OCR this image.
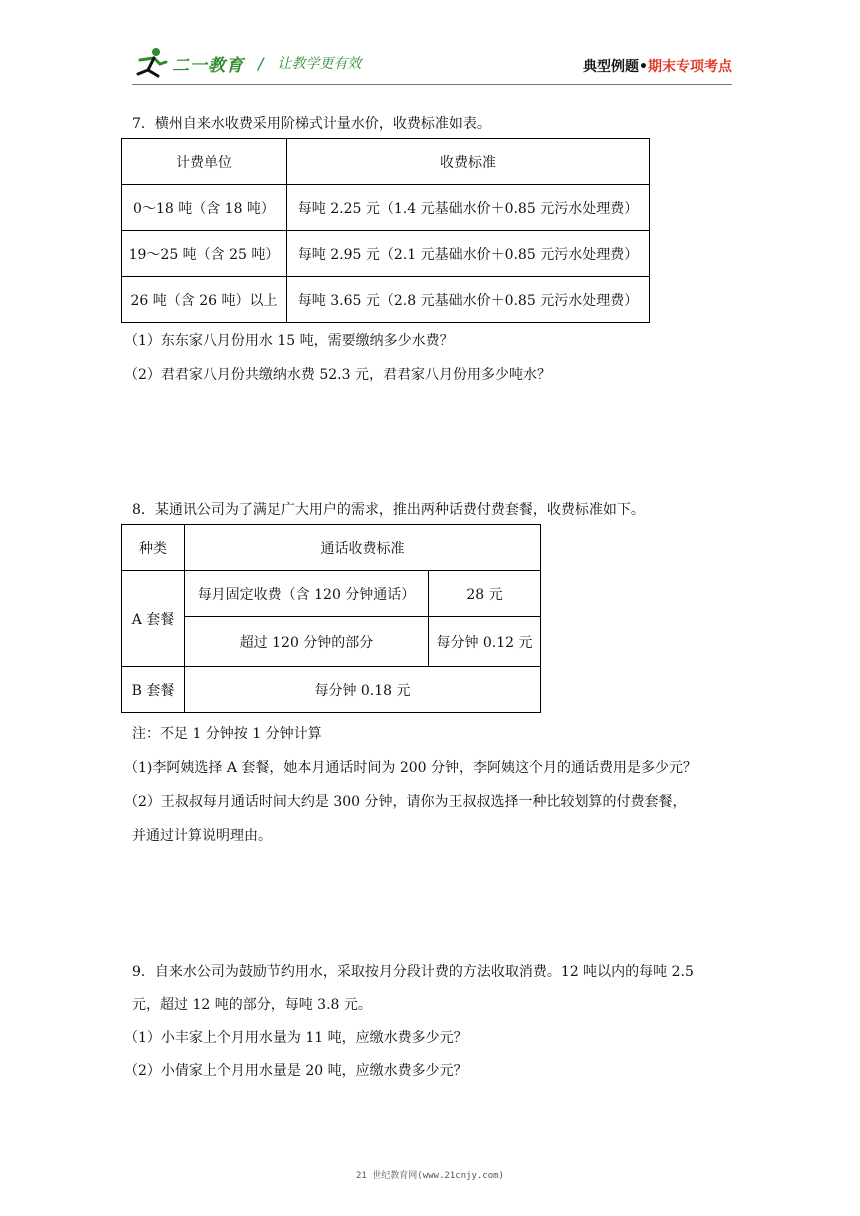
二一教育 / 让教学更有效	典型例题•期末专项考点
7．横州自来水收费采用阶梯式计量水价，收费标准如表。
计费单位	收费标准
0～18 吨（含 18 吨）	每吨 2.25 元（1.4 元基础水价＋0.85 元污水处理费）
19～25 吨（含 25 吨）	每吨 2.95 元（2.1 元基础水价＋0.85 元污水处理费）
26 吨（含 26 吨）以上	每吨 3.65 元（2.8 元基础水价＋0.85 元污水处理费）
（1）东东家八月份用水 15 吨，需要缴纳多少水费？
（2）君君家八月份共缴纳水费 52.3 元，君君家八月份用多少吨水？
8．某通讯公司为了满足广大用户的需求，推出两种话费付费套餐，收费标准如下。
种类	通话收费标准	
A 套餐	每月固定收费（含 120 分钟通话）	28 元
	超过 120 分钟的部分	每分钟 0.12 元
B 套餐	每分钟 0.18 元	
注：不足 1 分钟按 1 分钟计算
（1)李阿姨选择 A 套餐，她本月通话时间为 200 分钟，李阿姨这个月的通话费用是多少元？
（2）王叔叔每月通话时间大约是 300 分钟，请你为王叔叔选择一种比较划算的付费套餐，
并通过计算说明理由。
9．自来水公司为鼓励节约用水，采取按月分段计费的方法收取消费。12 吨以内的每吨 2.5
元，超过 12 吨的部分，每吨 3.8 元。
（1）小丰家上个月用水量为 11 吨，应缴水费多少元？
（2）小倩家上个月用水量是 20 吨，应缴水费多少元？
21 世纪教育网(www.21cnjy.com)
